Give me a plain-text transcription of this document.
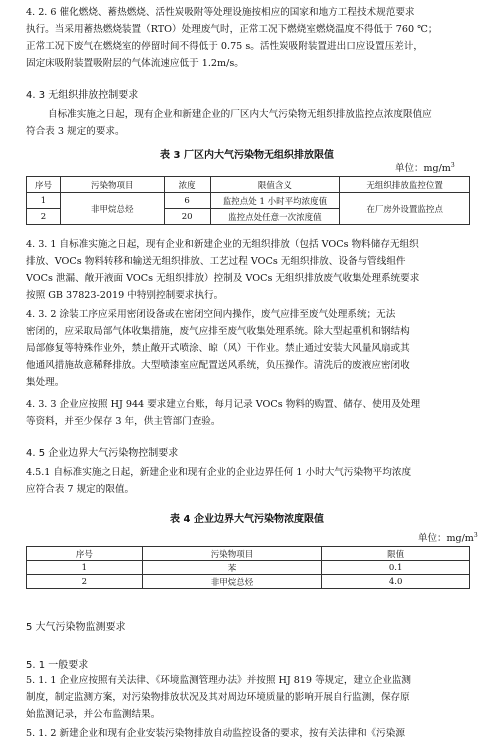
4. 2. 6 催化燃烧、蓄热燃烧、活性炭吸附等处理设施按相应的国家和地方工程技术规范要求
执行。当采用蓄热燃烧装置（RTO）处理废气时，正常工况下燃烧室燃烧温度不得低于 760 ℃；
正常工况下废气在燃烧室的停留时间不得低于 0.75 s。活性炭吸附装置进出口应设置压差计，
固定床吸附装置吸附层的气体流速应低于 1.2m/s。
4. 3 无组织排放控制要求
自标准实施之日起，现有企业和新建企业的厂区内大气污染物无组织排放监控点浓度限值应
符合表 3 规定的要求。
表 3 厂区内大气污染物无组织排放限值
单位：$mg/m^3$
序号	污染物项目	浓度	限值含义	无组织排放监控位置
1	非甲烷总烃	6	监控点处 1 小时平均浓度值	在厂房外设置监控点
2		20	监控点处任意一次浓度值	
4. 3. 1 自标准实施之日起，现有企业和新建企业的无组织排放（包括 VOCs 物料储存无组织
排放、VOCs 物料转移和输送无组织排放、工艺过程 VOCs 无组织排放、设备与管线组件
VOCs 泄漏、敞开液面 VOCs 无组织排放）控制及 VOCs 无组织排放废气收集处理系统要求
按照 GB 37823-2019 中特别控制要求执行。
4. 3. 2 涂装工序应采用密闭设备或在密闭空间内操作，废气应排至废气处理系统；无法
密闭的，应采取局部气体收集措施，废气应排至废气收集处理系统。除大型起重机和钢结构
局部修复等特殊作业外，禁止敞开式喷涂、晾（风）干作业。禁止通过安装大风量风扇或其
他通风措施故意稀释排放。大型喷漆室应配置送风系统，负压操作。清洗后的废液应密闭收
集处理。
4. 3. 3 企业应按照 HJ 944 要求建立台账，每月记录 VOCs 物料的购置、储存、使用及处理
等资料，并至少保存 3 年，供主管部门查验。
4. 5 企业边界大气污染物控制要求
4.5.1 自标准实施之日起，新建企业和现有企业的企业边界任何 1 小时大气污染物平均浓度
应符合表 7 规定的限值。
表 4 企业边界大气污染物浓度限值
单位：$mg/m^3$
序号	污染物项目	限值
1	苯	0.1
2	非甲烷总烃	4.0
5 大气污染物监测要求
5. 1 一般要求
5. 1. 1 企业应按照有关法律、《环境监测管理办法》并按照 HJ 819 等规定，建立企业监测
制度，制定监测方案，对污染物排放状况及其对周边环境质量的影响开展自行监测，保存原
始监测记录，并公布监测结果。
5. 1. 2 新建企业和现有企业安装污染物排放自动监控设备的要求，按有关法律和《污染源
